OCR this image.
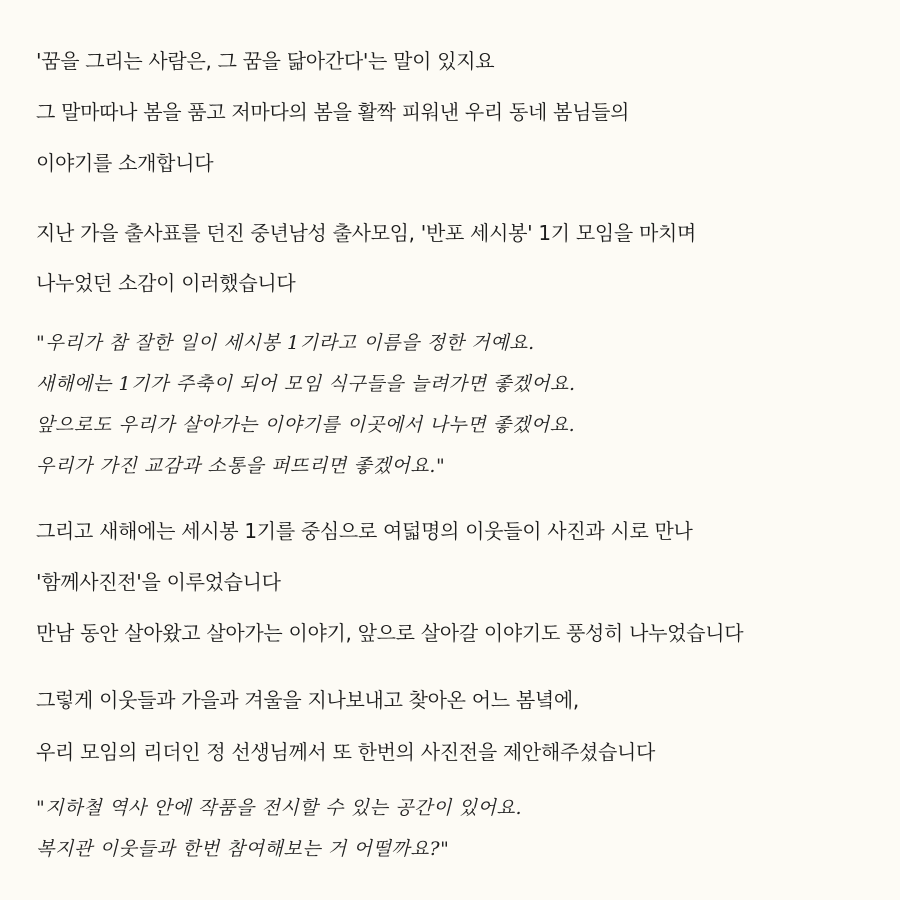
'꿈을 그리는 사람은, 그 꿈을 닮아간다'는 말이 있지요
그 말마따나 봄을 품고 저마다의 봄을 활짝 피워낸 우리 동네 봄님들의
이야기를 소개합니다
지난 가을 출사표를 던진 중년남성 출사모임, '반포 세시봉' 1기 모임을 마치며
나누었던 소감이 이러했습니다
"우리가 참 잘한 일이 세시봉 1기라고 이름을 정한 거예요.
새해에는 1기가 주축이 되어 모임 식구들을 늘려가면 좋겠어요.
앞으로도 우리가 살아가는 이야기를 이곳에서 나누면 좋겠어요.
우리가 가진 교감과 소통을 퍼뜨리면 좋겠어요."
그리고 새해에는 세시봉 1기를 중심으로 여덟명의 이웃들이 사진과 시로 만나
'함께사진전'을 이루었습니다
만남 동안 살아왔고 살아가는 이야기, 앞으로 살아갈 이야기도 풍성히 나누었습니다
그렇게 이웃들과 가을과 겨울을 지나보내고 찾아온 어느 봄녘에,
우리 모임의 리더인 정 선생님께서 또 한번의 사진전을 제안해주셨습니다
"지하철 역사 안에 작품을 전시할 수 있는 공간이 있어요.
복지관 이웃들과 한번 참여해보는 거 어떨까요?"
